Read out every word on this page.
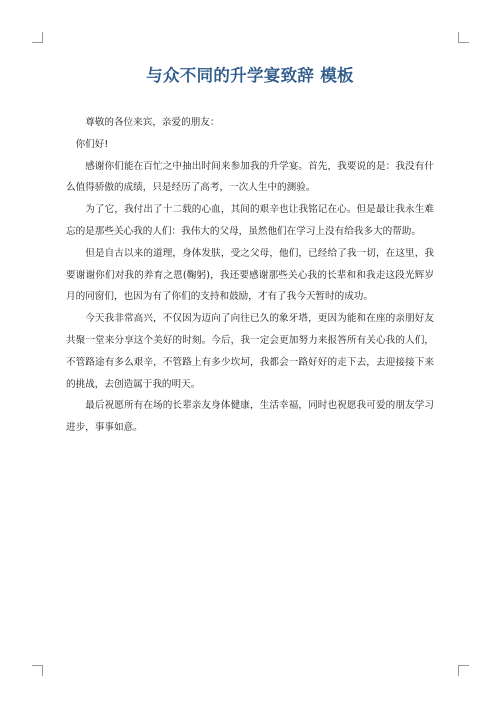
与众不同的升学宴致辞 模板

尊敬的各位来宾，亲爱的朋友：

你们好!

感谢你们能在百忙之中抽出时间来参加我的升学宴。首先，我要说的是：我没有什么值得骄傲的成绩，只是经历了高考，一次人生中的测验。

为了它，我付出了十二载的心血，其间的艰辛也让我铭记在心。但是最让我永生难忘的是那些关心我的人们：我伟大的父母，虽然他们在学习上没有给我多大的帮助。

但是自古以来的道理，身体发肤，受之父母，他们，已经给了我一切，在这里，我要谢谢你们对我的养育之恩(鞠躬)，我还要感谢那些关心我的长辈和和我走这段光辉岁月的同窗们，也因为有了你们的支持和鼓励，才有了我今天暂时的成功。

今天我非常高兴，不仅因为迈向了向往已久的象牙塔，更因为能和在座的亲朋好友共聚一堂来分享这个美好的时刻。今后，我一定会更加努力来报答所有关心我的人们，不管路途有多么艰辛，不管路上有多少坎坷，我都会一路好好的走下去，去迎接接下来的挑战，去创造属于我的明天。

最后祝愿所有在场的长辈亲友身体健康，生活幸福，同时也祝愿我可爱的朋友学习进步，事事如意。
